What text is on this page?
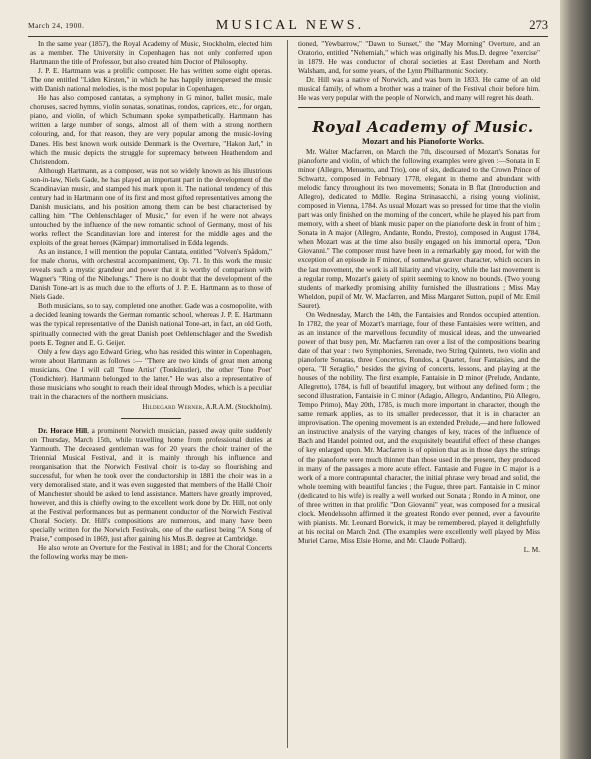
March 24, 1900.	MUSICAL NEWS.	273

In the same year (1857), the Royal Academy of Music, Stockholm, elected him as a member. The University in Copenhagen has not only conferred upon Hartmann the title of Professor, but also created him Doctor of Philosophy.

J. P. E. Hartmann was a prolific composer. He has written some eight operas. The one entitled "Liden Kirsten," in which he has happily interspersed the music with Danish national melodies, is the most popular in Copenhagen.

He has also composed cantatas, a symphony in G minor, ballet music, male choruses, sacred hymns, violin sonatas, sonatinas, rondos, caprices, etc., for organ, piano, and violin, of which Schumann spoke sympathetically. Hartmann has written a large number of songs, almost all of them with a strong northern colouring, and, for that reason, they are very popular among the music-loving Danes. His best known work outside Denmark is the Overture, "Hakon Jarl," in which the music depicts the struggle for supremacy between Heathendom and Christendom.

Although Hartmann, as a composer, was not so widely known as his illustrious son-in-law, Niels Gade, he has played an important part in the development of the Scandinavian music, and stamped his mark upon it. The national tendency of this century had in Hartmann one of its first and most gifted representatives among the Danish musicians, and his position among them can be best characterised by calling him "The Oehlenschlager of Music," for even if he were not always untouched by the influence of the new romantic school of Germany, most of his works reflect the Scandinavian lore and interest for the middle ages and the exploits of the great heroes (Kämpar) immortalised in Edda legends.

As an instance, I will mention the popular Cantata, entitled "Volven's Spådom," for male chorus, with orchestral accompaniment, Op. 71. In this work the music reveals such a mystic grandeur and power that it is worthy of comparison with Wagner's "Ring of the Nibelungs." There is no doubt that the development of the Danish Tone-art is as much due to the efforts of J. P. E. Hartmann as to those of Niels Gade.

Both musicians, so to say, completed one another. Gade was a cosmopolite, with a decided leaning towards the German romantic school, whereas J. P. E. Hartmann was the typical representative of the Danish national Tone-art, in fact, an old Goth, spiritually connected with the great Danish poet Oehlenschlager and the Swedish poets E. Tegner and E. G. Geijer.

Only a few days ago Edward Grieg, who has resided this winter in Copenhagen, wrote about Hartmann as follows :— "There are two kinds of great men among musicians. One I will call 'Tone Artist' (Tonkünstler), the other 'Tone Poet' (Tondichter). Hartmann belonged to the latter." He was also a representative of those musicians who sought to reach their ideal through Modes, which is a peculiar trait in the characters of the northern musicians.

Hildegard Werner, A.R.A.M. (Stockholm).

Dr. Horace Hill, a prominent Norwich musician, passed away quite suddenly on Thursday, March 15th, while travelling home from professional duties at Yarmouth. The deceased gentleman was for 20 years the choir trainer of the Triennial Musical Festival, and it is mainly through his influence and reorganisation that the Norwich Festival choir is to-day so flourishing and successful, for when he took over the conductorship in 1881 the choir was in a very demoralised state, and it was even suggested that members of the Hallé Choir of Manchester should be asked to lend assistance. Matters have greatly improved, however, and this is chiefly owing to the excellent work done by Dr. Hill, not only at the Festival performances but as permanent conductor of the Norwich Festival Choral Society. Dr. Hill's compositions are numerous, and many have been specially written for the Norwich Festivals, one of the earliest being "A Song of Praise," composed in 1869, just after gaining his Mus.B. degree at Cambridge.

He also wrote an Overture for the Festival in 1881; and for the Choral Concerts the following works may be men-

tioned, "Yewbarrow," "Dawn to Sunset," the "May Morning" Overture, and an Oratorio, entitled "Nehemiah," which was originally his Mus.D. degree "exercise" in 1879. He was conductor of choral societies at East Dereham and North Walsham, and, for some years, of the Lynn Philharmonic Society.

Dr. Hill was a native of Norwich, and was born in 1833. He came of an old musical family, of whom a brother was a trainer of the Festival choir before him. He was very popular with the people of Norwich, and many will regret his death.

Royal Academy of Music.

Mozart and his Pianoforte Works.

Mr. Walter Macfarren, on March the 7th, discoursed of Mozart's Sonatas for pianoforte and violin, of which the following examples were given :—Sonata in E minor (Allegro, Menuetto, and Trio), one of six, dedicated to the Crown Prince of Schwartz, composed in February 1778, elegant in theme and abundant with melodic fancy throughout its two movements; Sonata in B flat (Introduction and Allegro), dedicated to Mdlle. Regina Strinasacchi, a rising young violinist, composed in Vienna, 1784. As usual Mozart was so pressed for time that the violin part was only finished on the morning of the concert, while he played his part from memory, with a sheet of blank music paper on the pianoforte desk in front of him ; Sonata in A major (Allegro, Andante, Rondo, Presto), composed in August 1784, when Mozart was at the time also busily engaged on his immortal opera, "Don Giovanni." The composer must have been in a remarkably gay mood, for with the exception of an episode in F minor, of somewhat graver character, which occurs in the last movement, the work is all hilarity and vivacity, while the last movement is a regular romp, Mozart's gaiety of spirit seeming to know no bounds. (Two young students of markedly promising ability furnished the illustrations ; Miss May Wheldon, pupil of Mr. W. Macfarren, and Miss Margaret Sutton, pupil of Mr. Emil Sauret).

On Wednesday, March the 14th, the Fantaisies and Rondos occupied attention. In 1782, the year of Mozart's marriage, four of these Fantaisies were written, and as an instance of the marvellous fecundity of musical ideas, and the unwearied power of that busy pen, Mr. Macfarren ran over a list of the compositions bearing date of that year : two Symphonies, Serenade, two String Quintets, two violin and pianoforte Sonatas, three Concertos, Rondos, a Quartet, four Fantaisies, and the opera, "Il Seraglio," besides the giving of concerts, lessons, and playing at the houses of the nobility. The first example, Fantaisie in D minor (Prelude, Andante, Allegretto), 1784, is full of beautiful imagery, but without any defined form ; the second illustration, Fantaisie in C minor (Adagio, Allegro, Andantino, Più Allegro, Tempo Primo), May 20th, 1785, is much more important in character, though the same remark applies, as to its smaller predecessor, that it is in character an improvisation. The opening movement is an extended Prelude,—and here followed an instructive analysis of the varying changes of key, traces of the influence of Bach and Handel pointed out, and the exquisitely beautiful effect of these changes of key enlarged upon. Mr. Macfarren is of opinion that as in those days the strings of the pianoforte were much thinner than those used in the present, they produced in many of the passages a more acute effect. Fantasie and Fugue in C major is a work of a more contrapuntal character, the initial phrase very broad and solid, the whole teeming with beautiful fancies ; the Fugue, three part. Fantaisie in C minor (dedicated to his wife) is really a well worked out Sonata ; Rondo in A minor, one of three written in that prolific "Don Giovanni" year, was composed for a musical clock. Mendelssohn affirmed it the greatest Rondo ever penned, ever a favourite with pianists. Mr. Leonard Borwick, it may be remembered, played it delightfully at his recital on March 2nd. (The examples were excellently well played by Miss Muriel Carne, Miss Elsie Horne, and Mr. Claude Pollard).

L. M.
